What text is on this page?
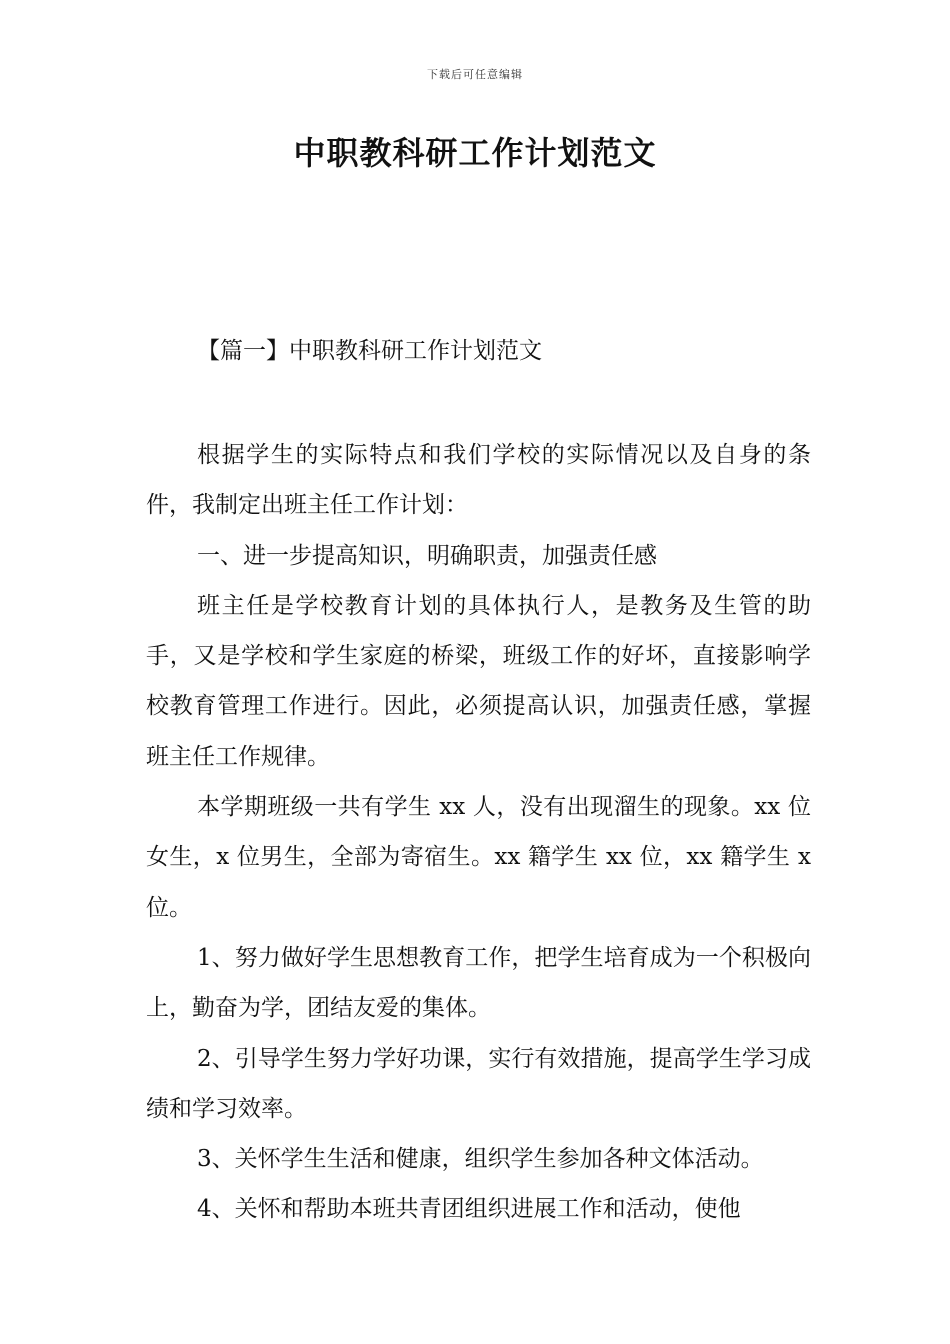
下载后可任意编辑
中职教科研工作计划范文
【篇一】中职教科研工作计划范文

根据学生的实际特点和我们学校的实际情况以及自身的条件，我制定出班主任工作计划：

一、进一步提高知识，明确职责，加强责任感

班主任是学校教育计划的具体执行人，是教务及生管的助手，又是学校和学生家庭的桥梁，班级工作的好坏，直接影响学校教育管理工作进行。因此，必须提高认识，加强责任感，掌握班主任工作规律。

本学期班级一共有学生 xx 人，没有出现溜生的现象。xx 位女生，x 位男生，全部为寄宿生。xx 籍学生 xx 位，xx 籍学生 x 位。

1、努力做好学生思想教育工作，把学生培育成为一个积极向上，勤奋为学，团结友爱的集体。

2、引导学生努力学好功课，实行有效措施，提高学生学习成绩和学习效率。

3、关怀学生生活和健康，组织学生参加各种文体活动。

4、关怀和帮助本班共青团组织进展工作和活动，使他
